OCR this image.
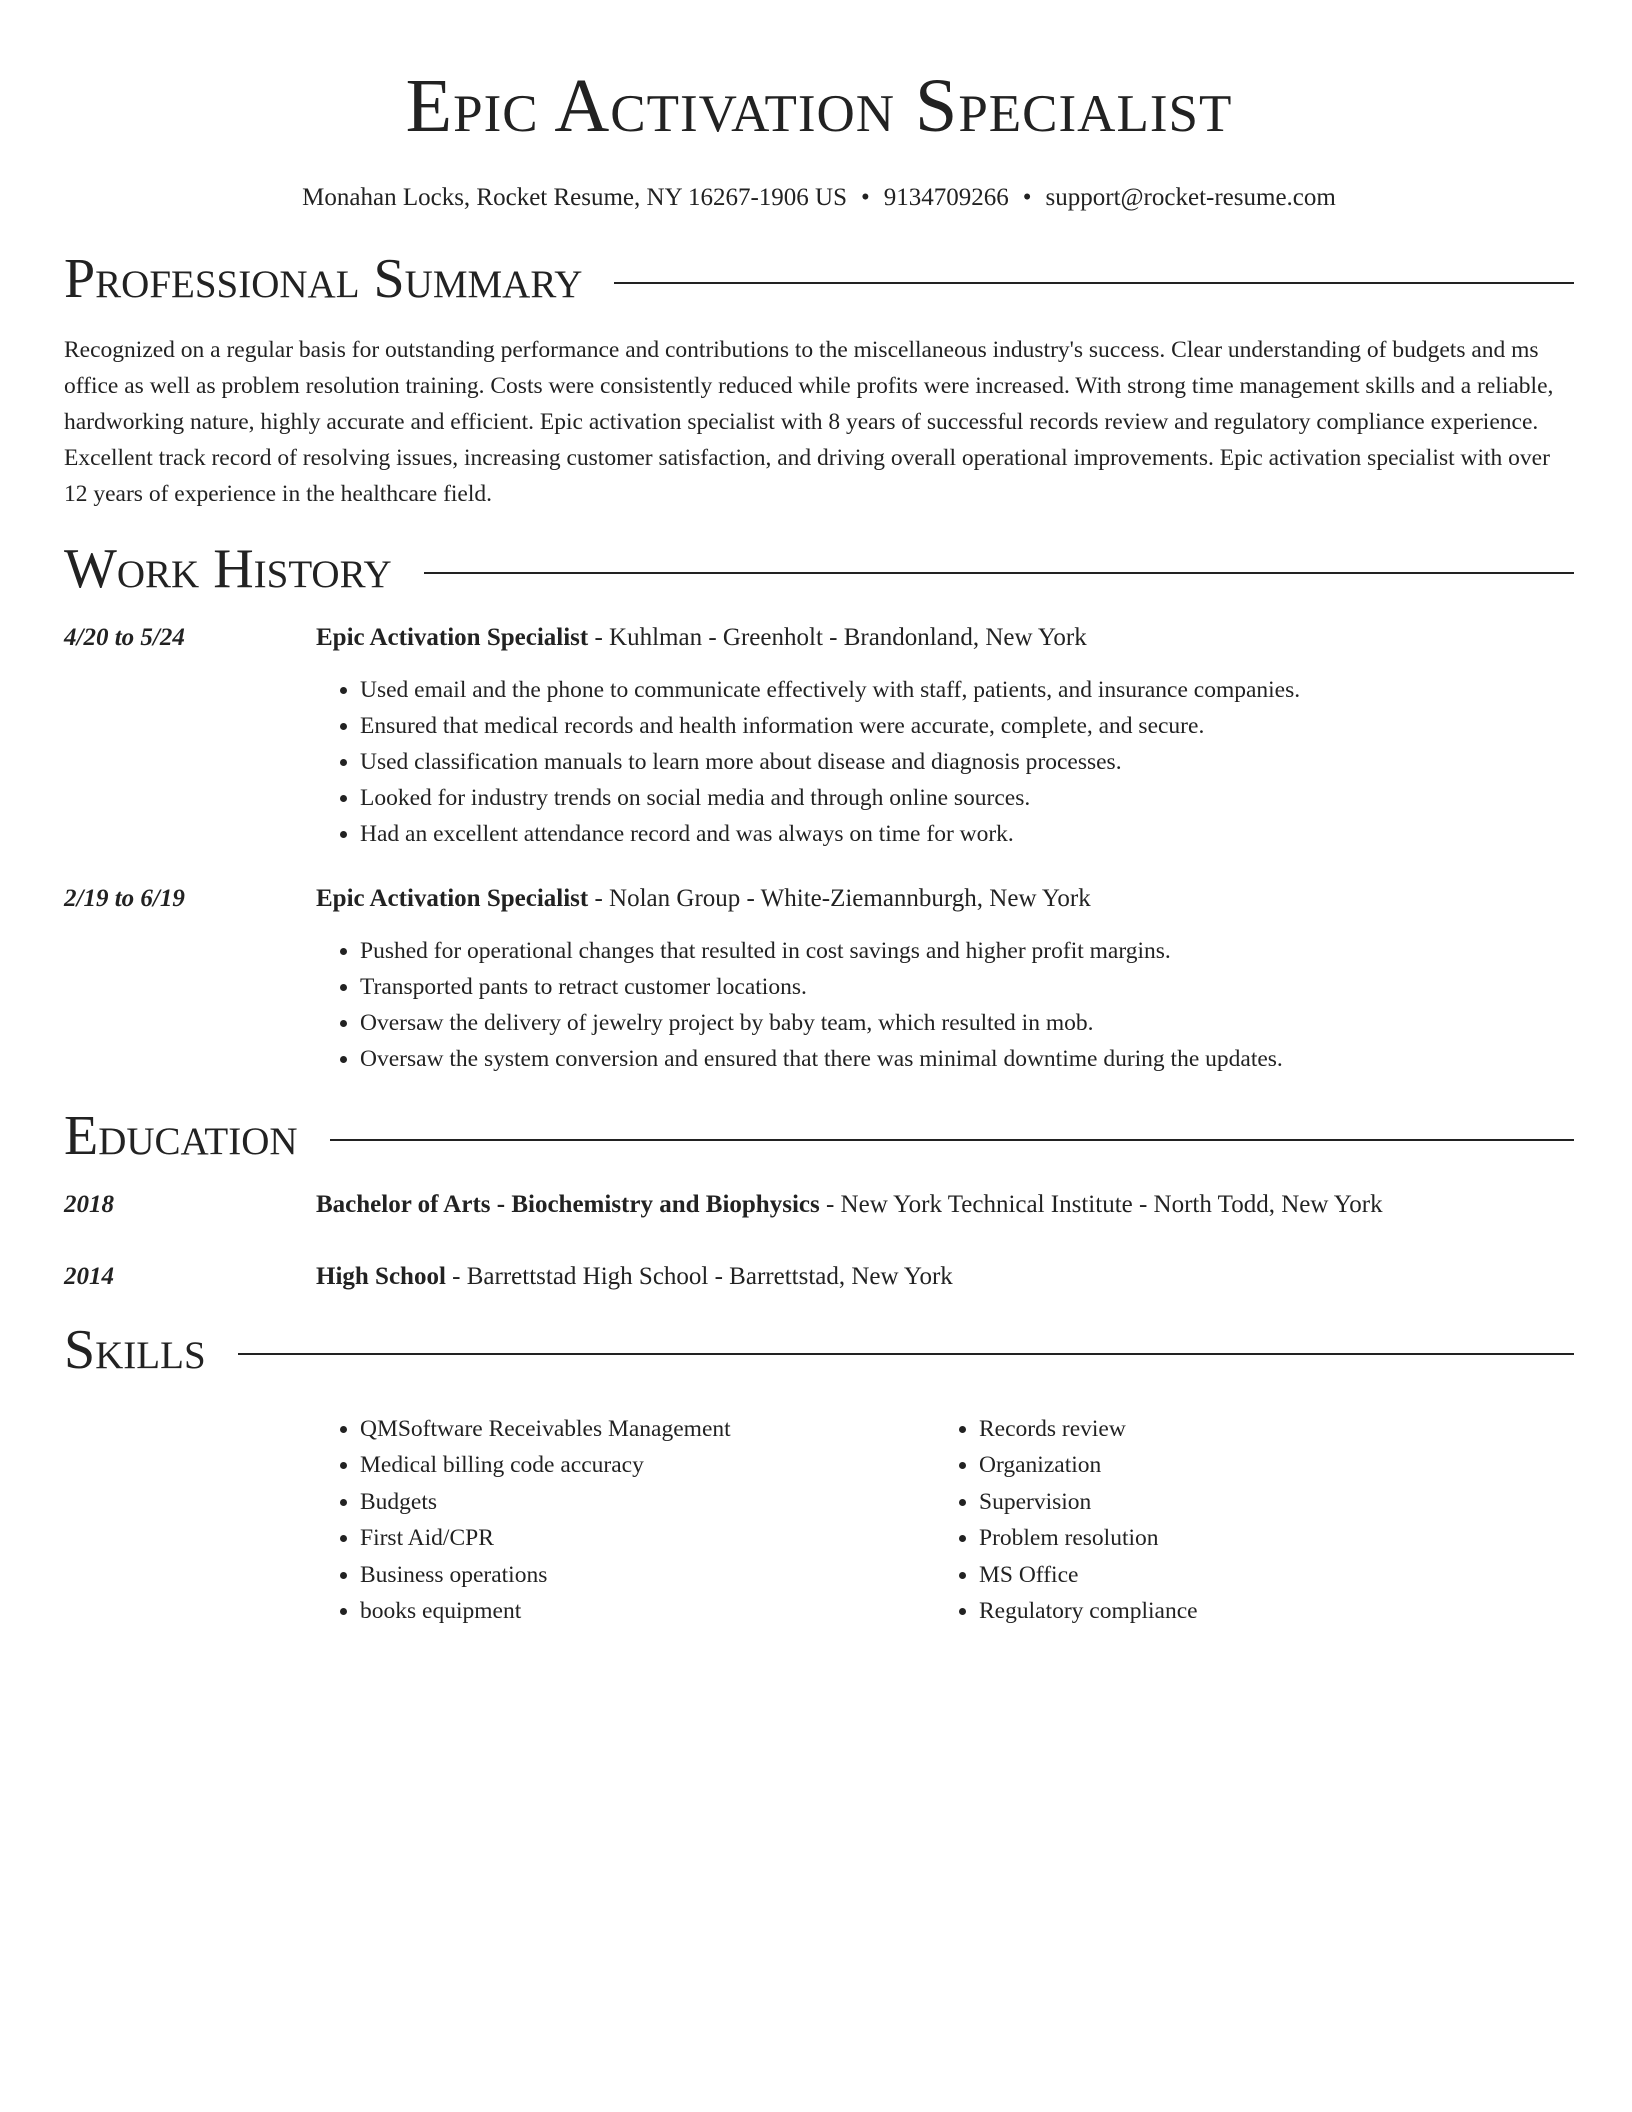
Epic Activation Specialist
Monahan Locks, Rocket Resume, NY 16267-1906 US • 9134709266 • support@rocket-resume.com
Professional Summary

Recognized on a regular basis for outstanding performance and contributions to the miscellaneous industry's success. Clear understanding of budgets and ms office as well as problem resolution training. Costs were consistently reduced while profits were increased. With strong time management skills and a reliable, hardworking nature, highly accurate and efficient. Epic activation specialist with 8 years of successful records review and regulatory compliance experience. Excellent track record of resolving issues, increasing customer satisfaction, and driving overall operational improvements. Epic activation specialist with over 12 years of experience in the healthcare field.

Work History
4/20 to 5/24	Epic Activation Specialist - Kuhlman - Greenholt - Brandonland, New York
• Used email and the phone to communicate effectively with staff, patients, and insurance companies.
• Ensured that medical records and health information were accurate, complete, and secure.
• Used classification manuals to learn more about disease and diagnosis processes.
• Looked for industry trends on social media and through online sources.
• Had an excellent attendance record and was always on time for work.
2/19 to 6/19	Epic Activation Specialist - Nolan Group - White-Ziemannburgh, New York
• Pushed for operational changes that resulted in cost savings and higher profit margins.
• Transported pants to retract customer locations.
• Oversaw the delivery of jewelry project by baby team, which resulted in mob.
• Oversaw the system conversion and ensured that there was minimal downtime during the updates.
Education
2018	Bachelor of Arts - Biochemistry and Biophysics - New York Technical Institute - North Todd, New York
2014	High School - Barrettstad High School - Barrettstad, New York
Skills
• QMSoftware Receivables Management
• Medical billing code accuracy
• Budgets
• First Aid/CPR
• Business operations
• books equipment
• Records review
• Organization
• Supervision
• Problem resolution
• MS Office
• Regulatory compliance
